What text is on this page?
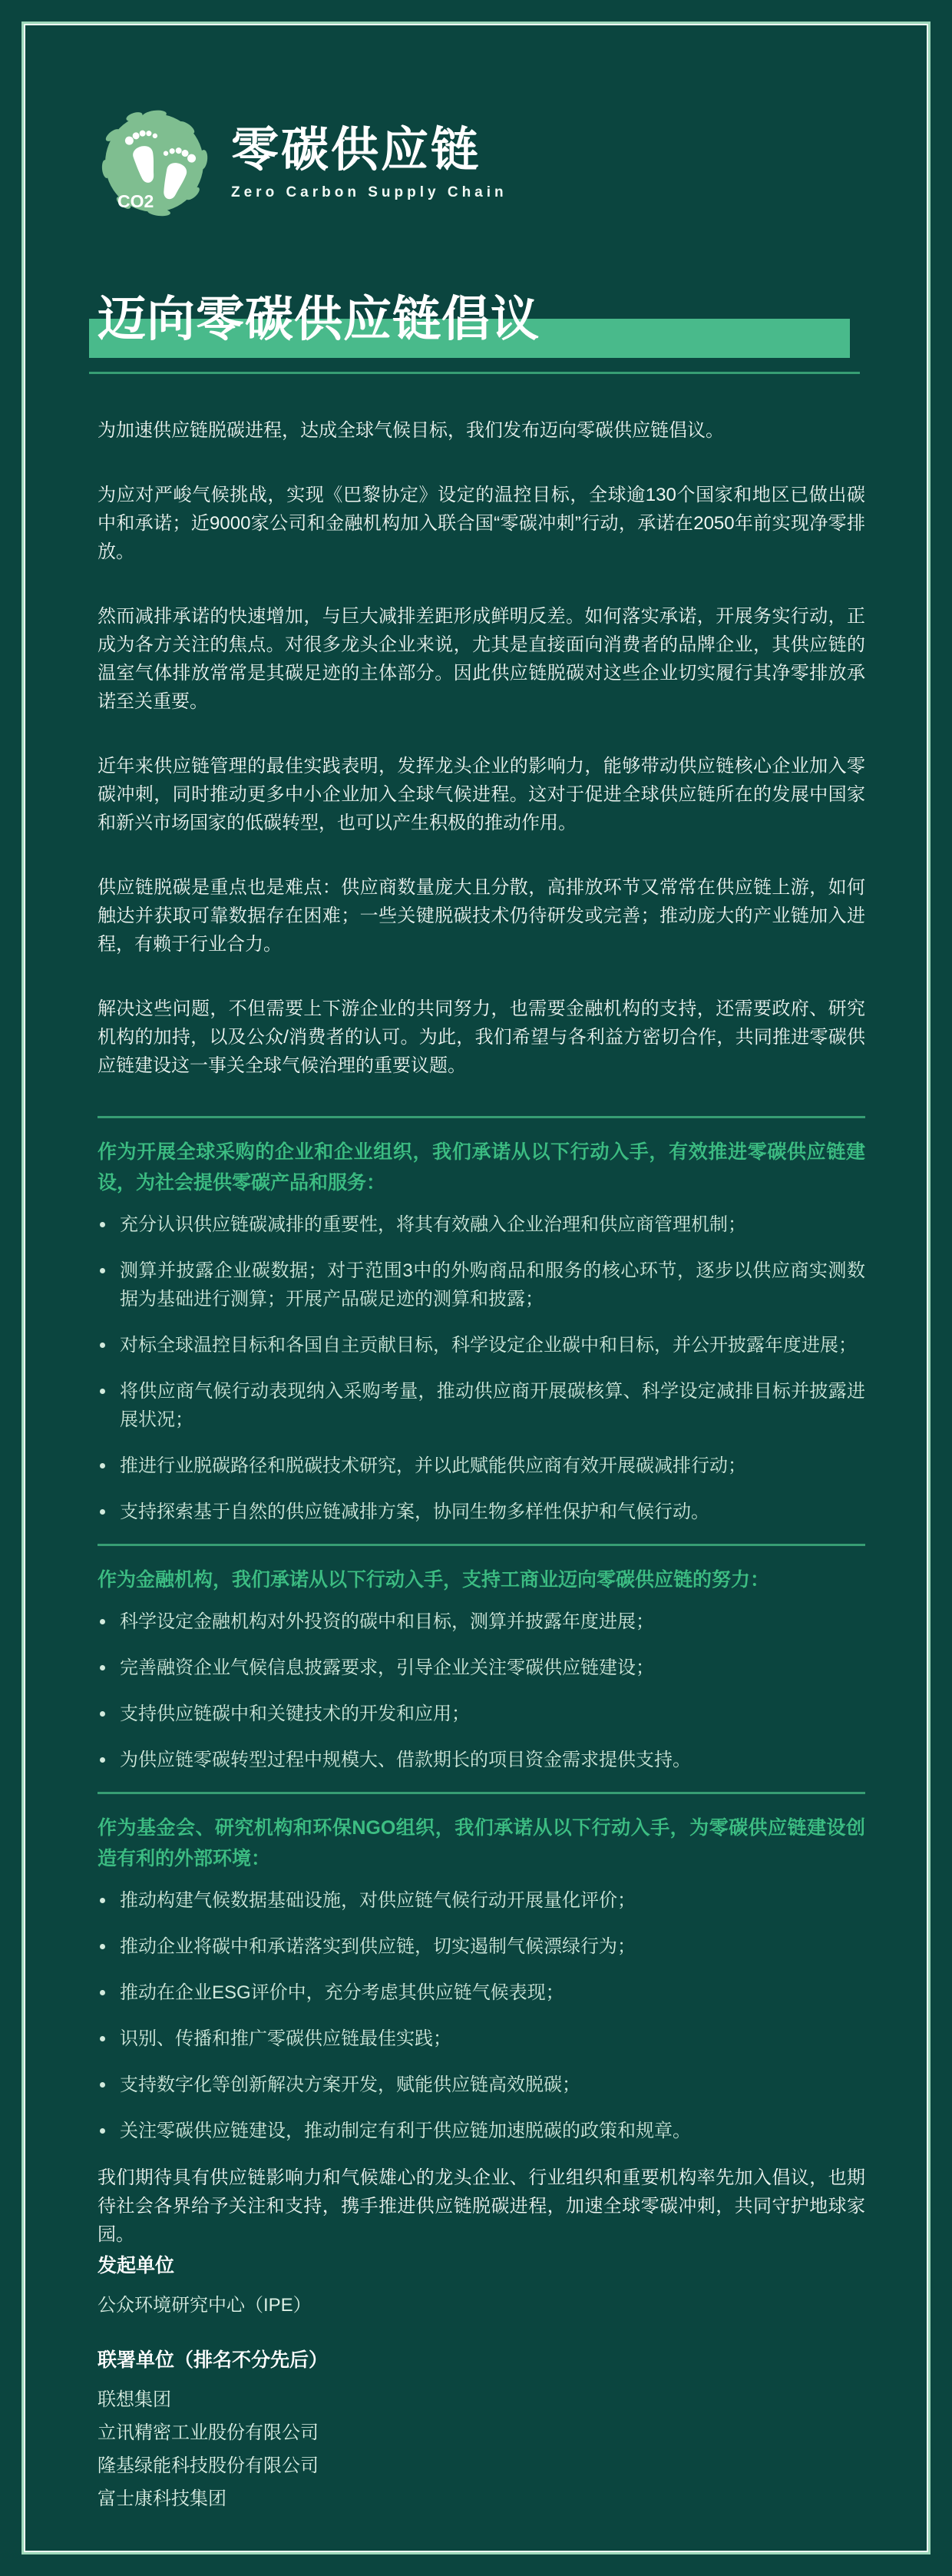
CO2
零碳供应链
Zero Carbon Supply Chain
迈向零碳供应链倡议

为加速供应链脱碳进程，达成全球气候目标，我们发布迈向零碳供应链倡议。

为应对严峻气候挑战，实现《巴黎协定》设定的温控目标，全球逾130个国家和地区已做出碳中和承诺；近9000家公司和金融机构加入联合国“零碳冲刺”行动，承诺在2050年前实现净零排放。

然而减排承诺的快速增加，与巨大减排差距形成鲜明反差。如何落实承诺，开展务实行动，正成为各方关注的焦点。对很多龙头企业来说，尤其是直接面向消费者的品牌企业，其供应链的温室气体排放常常是其碳足迹的主体部分。因此供应链脱碳对这些企业切实履行其净零排放承诺至关重要。

近年来供应链管理的最佳实践表明，发挥龙头企业的影响力，能够带动供应链核心企业加入零碳冲刺，同时推动更多中小企业加入全球气候进程。这对于促进全球供应链所在的发展中国家和新兴市场国家的低碳转型，也可以产生积极的推动作用。

供应链脱碳是重点也是难点：供应商数量庞大且分散，高排放环节又常常在供应链上游，如何触达并获取可靠数据存在困难；一些关键脱碳技术仍待研发或完善；推动庞大的产业链加入进程，有赖于行业合力。

解决这些问题，不但需要上下游企业的共同努力，也需要金融机构的支持，还需要政府、研究机构的加持，以及公众/消费者的认可。为此，我们希望与各利益方密切合作，共同推进零碳供应链建设这一事关全球气候治理的重要议题。

作为开展全球采购的企业和企业组织，我们承诺从以下行动入手，有效推进零碳供应链建设，为社会提供零碳产品和服务：

充分认识供应链碳减排的重要性，将其有效融入企业治理和供应商管理机制；
测算并披露企业碳数据；对于范围3中的外购商品和服务的核心环节，逐步以供应商实测数据为基础进行测算；开展产品碳足迹的测算和披露；
对标全球温控目标和各国自主贡献目标，科学设定企业碳中和目标，并公开披露年度进展；
将供应商气候行动表现纳入采购考量，推动供应商开展碳核算、科学设定减排目标并披露进展状况；
推进行业脱碳路径和脱碳技术研究，并以此赋能供应商有效开展碳减排行动；
支持探索基于自然的供应链减排方案，协同生物多样性保护和气候行动。

作为金融机构，我们承诺从以下行动入手，支持工商业迈向零碳供应链的努力：

科学设定金融机构对外投资的碳中和目标，测算并披露年度进展；
完善融资企业气候信息披露要求，引导企业关注零碳供应链建设；
支持供应链碳中和关键技术的开发和应用；
为供应链零碳转型过程中规模大、借款期长的项目资金需求提供支持。

作为基金会、研究机构和环保NGO组织，我们承诺从以下行动入手，为零碳供应链建设创造有利的外部环境：

推动构建气候数据基础设施，对供应链气候行动开展量化评价；
推动企业将碳中和承诺落实到供应链，切实遏制气候漂绿行为；
推动在企业ESG评价中，充分考虑其供应链气候表现；
识别、传播和推广零碳供应链最佳实践；
支持数字化等创新解决方案开发，赋能供应链高效脱碳；
关注零碳供应链建设，推动制定有利于供应链加速脱碳的政策和规章。

我们期待具有供应链影响力和气候雄心的龙头企业、行业组织和重要机构率先加入倡议，也期待社会各界给予关注和支持，携手推进供应链脱碳进程，加速全球零碳冲刺，共同守护地球家园。

发起单位

公众环境研究中心（IPE）

联署单位（排名不分先后）

联想集团

立讯精密工业股份有限公司

隆基绿能科技股份有限公司

富士康科技集团
